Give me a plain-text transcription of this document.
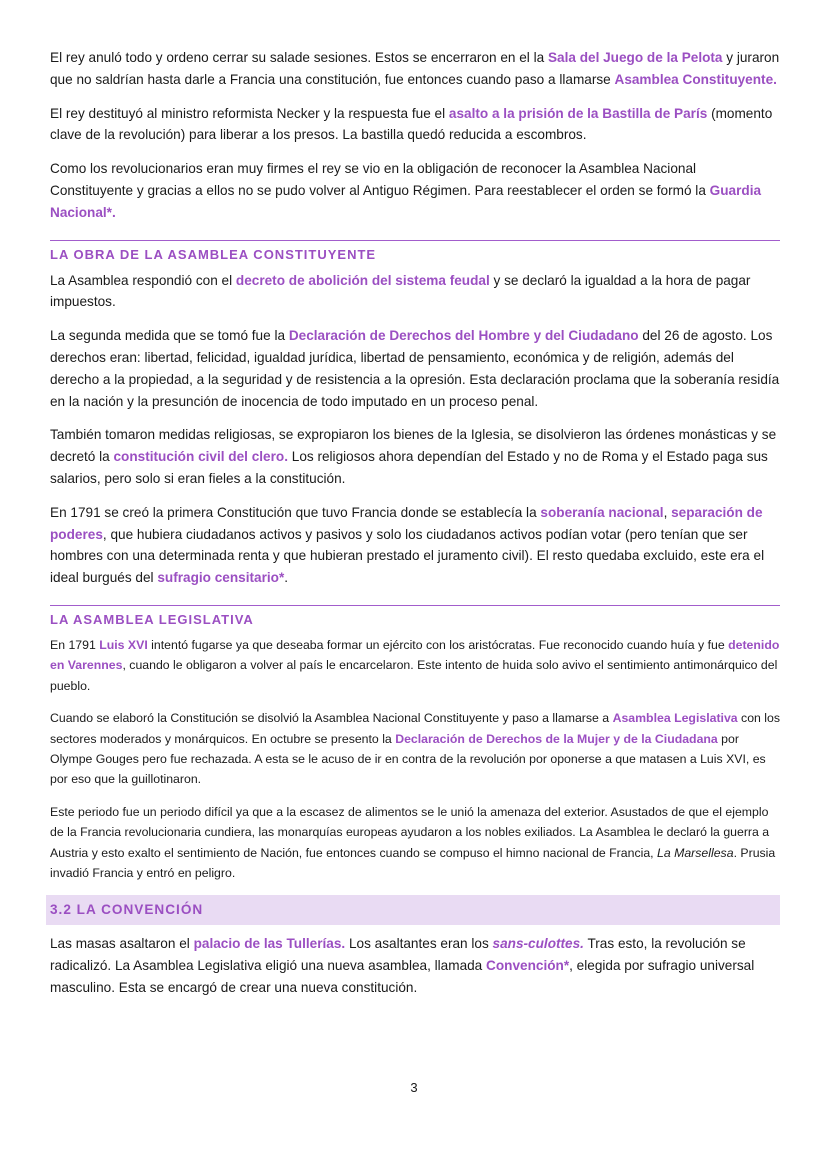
El rey anuló todo y ordeno cerrar su salade sesiones. Estos se encerraron en el la Sala del Juego de la Pelota y juraron que no saldrían hasta darle a Francia una constitución, fue entonces cuando paso a llamarse Asamblea Constituyente.

El rey destituyó al ministro reformista Necker y la respuesta fue el asalto a la prisión de la Bastilla de París (momento clave de la revolución) para liberar a los presos. La bastilla quedó reducida a escombros.

Como los revolucionarios eran muy firmes el rey se vio en la obligación de reconocer la Asamblea Nacional Constituyente y gracias a ellos no se pudo volver al Antiguo Régimen. Para reestablecer el orden se formó la Guardia Nacional*.

LA OBRA DE LA ASAMBLEA CONSTITUYENTE

La Asamblea respondió con el decreto de abolición del sistema feudal y se declaró la igualdad a la hora de pagar impuestos.

La segunda medida que se tomó fue la Declaración de Derechos del Hombre y del Ciudadano del 26 de agosto. Los derechos eran: libertad, felicidad, igualdad jurídica, libertad de pensamiento, económica y de religión, además del derecho a la propiedad, a la seguridad y de resistencia a la opresión. Esta declaración proclama que la soberanía residía en la nación y la presunción de inocencia de todo imputado en un proceso penal.

También tomaron medidas religiosas, se expropiaron los bienes de la Iglesia, se disolvieron las órdenes monásticas y se decretó la constitución civil del clero. Los religiosos ahora dependían del Estado y no de Roma y el Estado paga sus salarios, pero solo si eran fieles a la constitución.

En 1791 se creó la primera Constitución que tuvo Francia donde se establecía la soberanía nacional, separación de poderes, que hubiera ciudadanos activos y pasivos y solo los ciudadanos activos podían votar (pero tenían que ser hombres con una determinada renta y que hubieran prestado el juramento civil). El resto quedaba excluido, este era el ideal burgués del sufragio censitario*.

LA ASAMBLEA LEGISLATIVA

En 1791 Luis XVI intentó fugarse ya que deseaba formar un ejército con los aristócratas. Fue reconocido cuando huía y fue detenido en Varennes, cuando le obligaron a volver al país le encarcelaron. Este intento de huida solo avivo el sentimiento antimonárquico del pueblo.

Cuando se elaboró la Constitución se disolvió la Asamblea Nacional Constituyente y paso a llamarse a Asamblea Legislativa con los sectores moderados y monárquicos. En octubre se presento la Declaración de Derechos de la Mujer y de la Ciudadana por Olympe Gouges pero fue rechazada. A esta se le acuso de ir en contra de la revolución por oponerse a que matasen a Luis XVI, es por eso que la guillotinaron.

Este periodo fue un periodo difícil ya que a la escasez de alimentos se le unió la amenaza del exterior. Asustados de que el ejemplo de la Francia revolucionaria cundiera, las monarquías europeas ayudaron a los nobles exiliados. La Asamblea le declaró la guerra a Austria y esto exalto el sentimiento de Nación, fue entonces cuando se compuso el himno nacional de Francia, La Marsellesa. Prusia invadió Francia y entró en peligro.

3.2 LA CONVENCIÓN

Las masas asaltaron el palacio de las Tullerías. Los asaltantes eran los sans-culottes. Tras esto, la revolución se radicalizó. La Asamblea Legislativa eligió una nueva asamblea, llamada Convención*, elegida por sufragio universal masculino. Esta se encargó de crear una nueva constitución.

3
